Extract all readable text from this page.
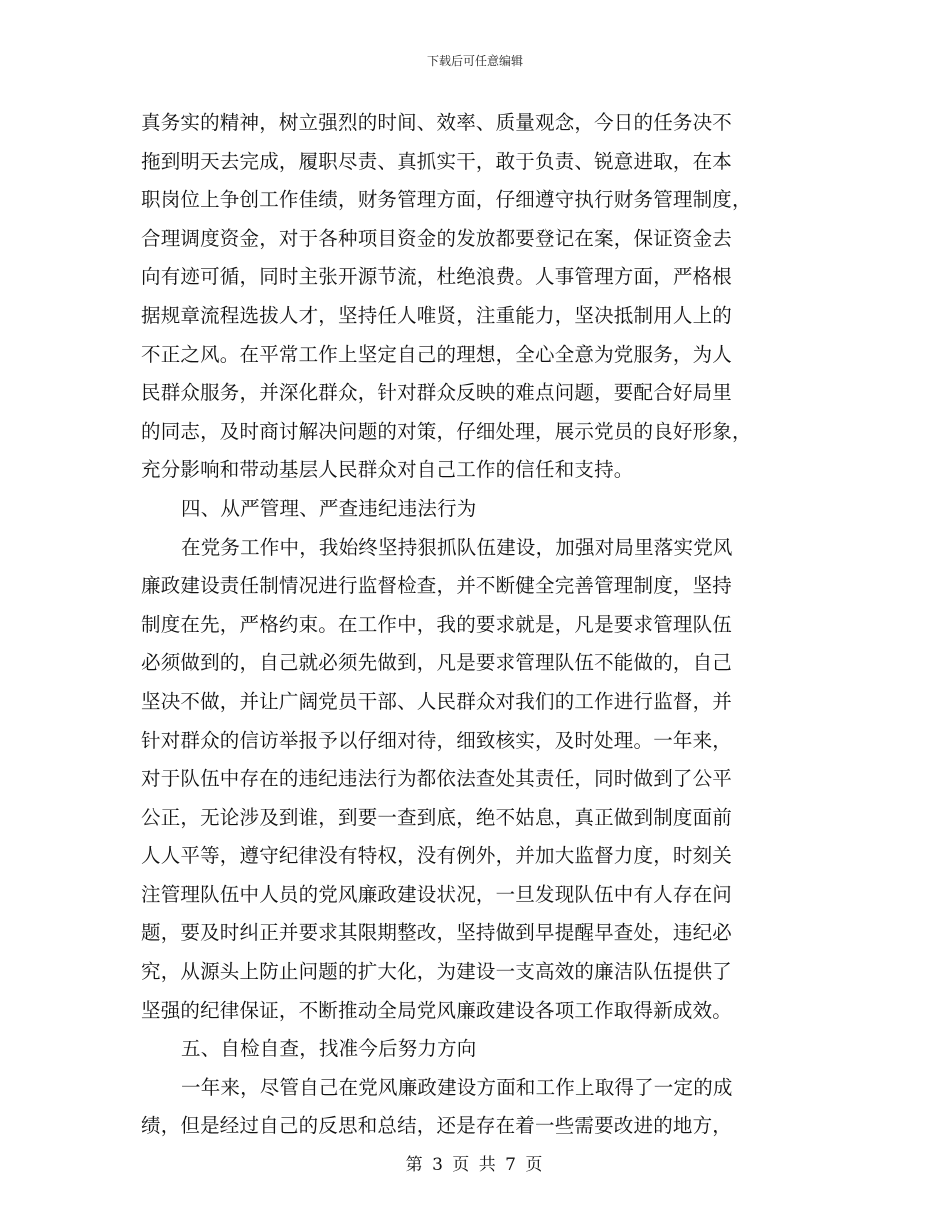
下载后可任意编辑
真务实的精神，树立强烈的时间、效率、质量观念，今日的任务决不
拖到明天去完成，履职尽责、真抓实干，敢于负责、锐意进取，在本
职岗位上争创工作佳绩，财务管理方面，仔细遵守执行财务管理制度，
合理调度资金，对于各种项目资金的发放都要登记在案，保证资金去
向有迹可循，同时主张开源节流，杜绝浪费。人事管理方面，严格根
据规章流程选拔人才，坚持任人唯贤，注重能力，坚决抵制用人上的
不正之风。在平常工作上坚定自己的理想，全心全意为党服务，为人
民群众服务，并深化群众，针对群众反映的难点问题，要配合好局里
的同志，及时商讨解决问题的对策，仔细处理，展示党员的良好形象，
充分影响和带动基层人民群众对自己工作的信任和支持。
四、从严管理、严查违纪违法行为
在党务工作中，我始终坚持狠抓队伍建设，加强对局里落实党风
廉政建设责任制情况进行监督检查，并不断健全完善管理制度，坚持
制度在先，严格约束。在工作中，我的要求就是，凡是要求管理队伍
必须做到的，自己就必须先做到，凡是要求管理队伍不能做的，自己
坚决不做，并让广阔党员干部、人民群众对我们的工作进行监督，并
针对群众的信访举报予以仔细对待，细致核实，及时处理。一年来，
对于队伍中存在的违纪违法行为都依法查处其责任，同时做到了公平
公正，无论涉及到谁，到要一查到底，绝不姑息，真正做到制度面前
人人平等，遵守纪律没有特权，没有例外，并加大监督力度，时刻关
注管理队伍中人员的党风廉政建设状况，一旦发现队伍中有人存在问
题，要及时纠正并要求其限期整改，坚持做到早提醒早查处，违纪必
究，从源头上防止问题的扩大化，为建设一支高效的廉洁队伍提供了
坚强的纪律保证，不断推动全局党风廉政建设各项工作取得新成效。
五、自检自查，找准今后努力方向
一年来，尽管自己在党风廉政建设方面和工作上取得了一定的成
绩，但是经过自己的反思和总结，还是存在着一些需要改进的地方，
第 3 页 共 7 页
